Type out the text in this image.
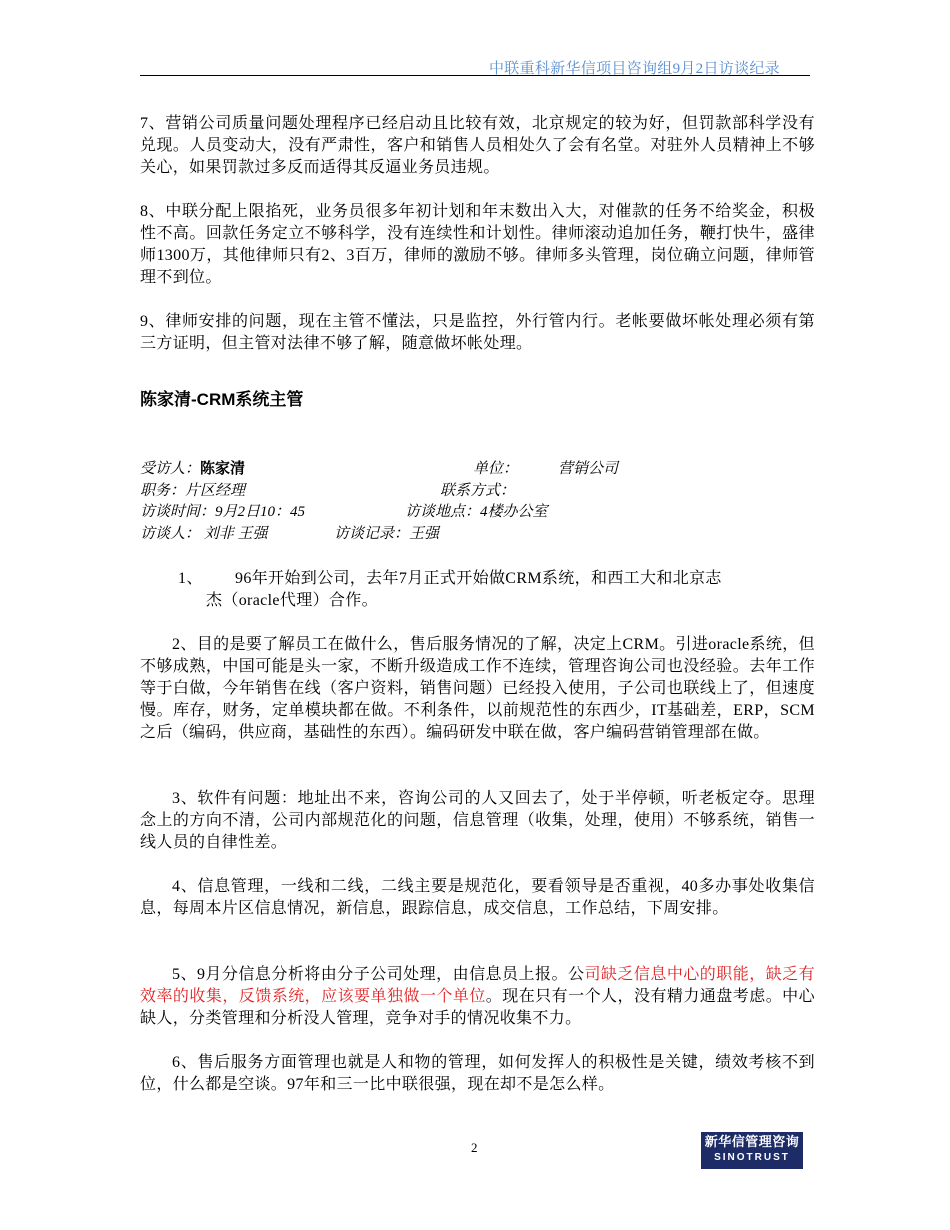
中联重科新华信项目咨询组9月2日访谈纪录
7、营销公司质量问题处理程序已经启动且比较有效，北京规定的较为好，但罚款部科学没有兑现。人员变动大，没有严肃性，客户和销售人员相处久了会有名堂。对驻外人员精神上不够关心，如果罚款过多反而适得其反逼业务员违规。
8、中联分配上限掐死，业务员很多年初计划和年末数出入大，对催款的任务不给奖金，积极性不高。回款任务定立不够科学，没有连续性和计划性。律师滚动追加任务，鞭打快牛，盛律师1300万，其他律师只有2、3百万，律师的激励不够。律师多头管理，岗位确立问题，律师管理不到位。
9、律师安排的问题，现在主管不懂法，只是监控，外行管内行。老帐要做坏帐处理必须有第三方证明，但主管对法律不够了解，随意做坏帐处理。
陈家清-CRM系统主管
受访人：陈家清	单位：	营销公司
职务：片区经理	联系方式：
访谈时间：9月2日10：45	访谈地点：4楼办公室
访谈人： 刘非 王强	访谈记录：王强
1、 96年开始到公司，去年7月正式开始做CRM系统，和西工大和北京志
杰（oracle代理）合作。
2、目的是要了解员工在做什么，售后服务情况的了解，决定上CRM。引进oracle系统，但不够成熟，中国可能是头一家，不断升级造成工作不连续，管理咨询公司也没经验。去年工作等于白做，今年销售在线（客户资料，销售问题）已经投入使用，子公司也联线上了，但速度慢。库存，财务，定单模块都在做。不利条件，以前规范性的东西少，IT基础差，ERP，SCM之后（编码，供应商，基础性的东西）。编码研发中联在做，客户编码营销管理部在做。
3、软件有问题：地址出不来，咨询公司的人又回去了，处于半停顿，听老板定夺。思理念上的方向不清，公司内部规范化的问题，信息管理（收集，处理，使用）不够系统，销售一线人员的自律性差。
4、信息管理，一线和二线，二线主要是规范化，要看领导是否重视，40多办事处收集信息，每周本片区信息情况，新信息，跟踪信息，成交信息，工作总结，下周安排。
5、9月分信息分析将由分子公司处理，由信息员上报。公司缺乏信息中心的职能，缺乏有效率的收集，反馈系统，应该要单独做一个单位。现在只有一个人，没有精力通盘考虑。中心缺人，分类管理和分析没人管理，竞争对手的情况收集不力。
6、售后服务方面管理也就是人和物的管理，如何发挥人的积极性是关键，绩效考核不到位，什么都是空谈。97年和三一比中联很强，现在却不是怎么样。
2	新华信管理咨询
SINOTRUST
